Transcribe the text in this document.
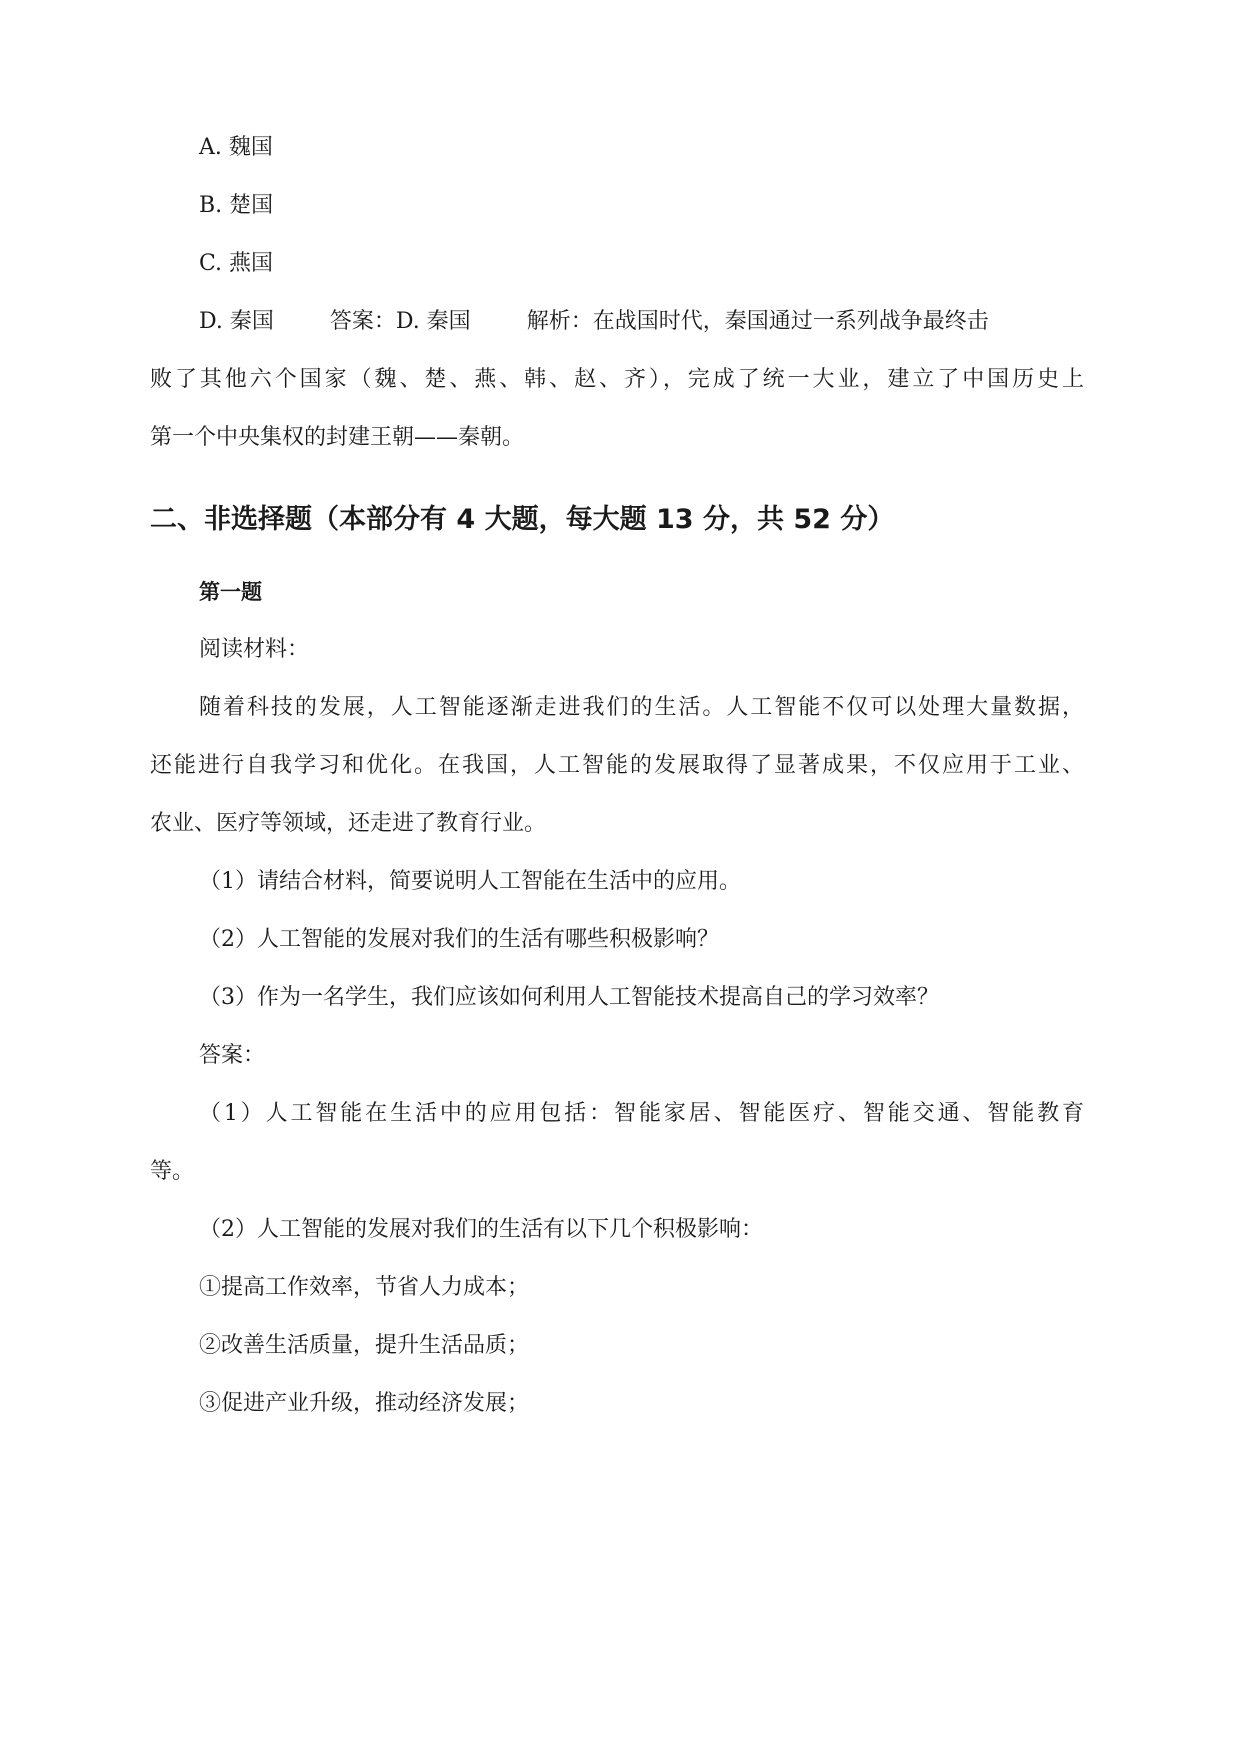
A. 魏国
B. 楚国
C. 燕国
D. 秦国	答案：D. 秦国	解析：在战国时代，秦国通过一系列战争最终击
败了其他六个国家（魏、楚、燕、韩、赵、齐），完成了统一大业，建立了中国历史上
第一个中央集权的封建王朝——秦朝。
二、非选择题（本部分有 4 大题，每大题 13 分，共 52 分）
第一题
阅读材料：
随着科技的发展，人工智能逐渐走进我们的生活。人工智能不仅可以处理大量数据，
还能进行自我学习和优化。在我国，人工智能的发展取得了显著成果，不仅应用于工业、
农业、医疗等领域，还走进了教育行业。
（1）请结合材料，简要说明人工智能在生活中的应用。
（2）人工智能的发展对我们的生活有哪些积极影响？
（3）作为一名学生，我们应该如何利用人工智能技术提高自己的学习效率？
答案：
（1）人工智能在生活中的应用包括：智能家居、智能医疗、智能交通、智能教育
等。
（2）人工智能的发展对我们的生活有以下几个积极影响：
①提高工作效率，节省人力成本；
②改善生活质量，提升生活品质；
③促进产业升级，推动经济发展；
